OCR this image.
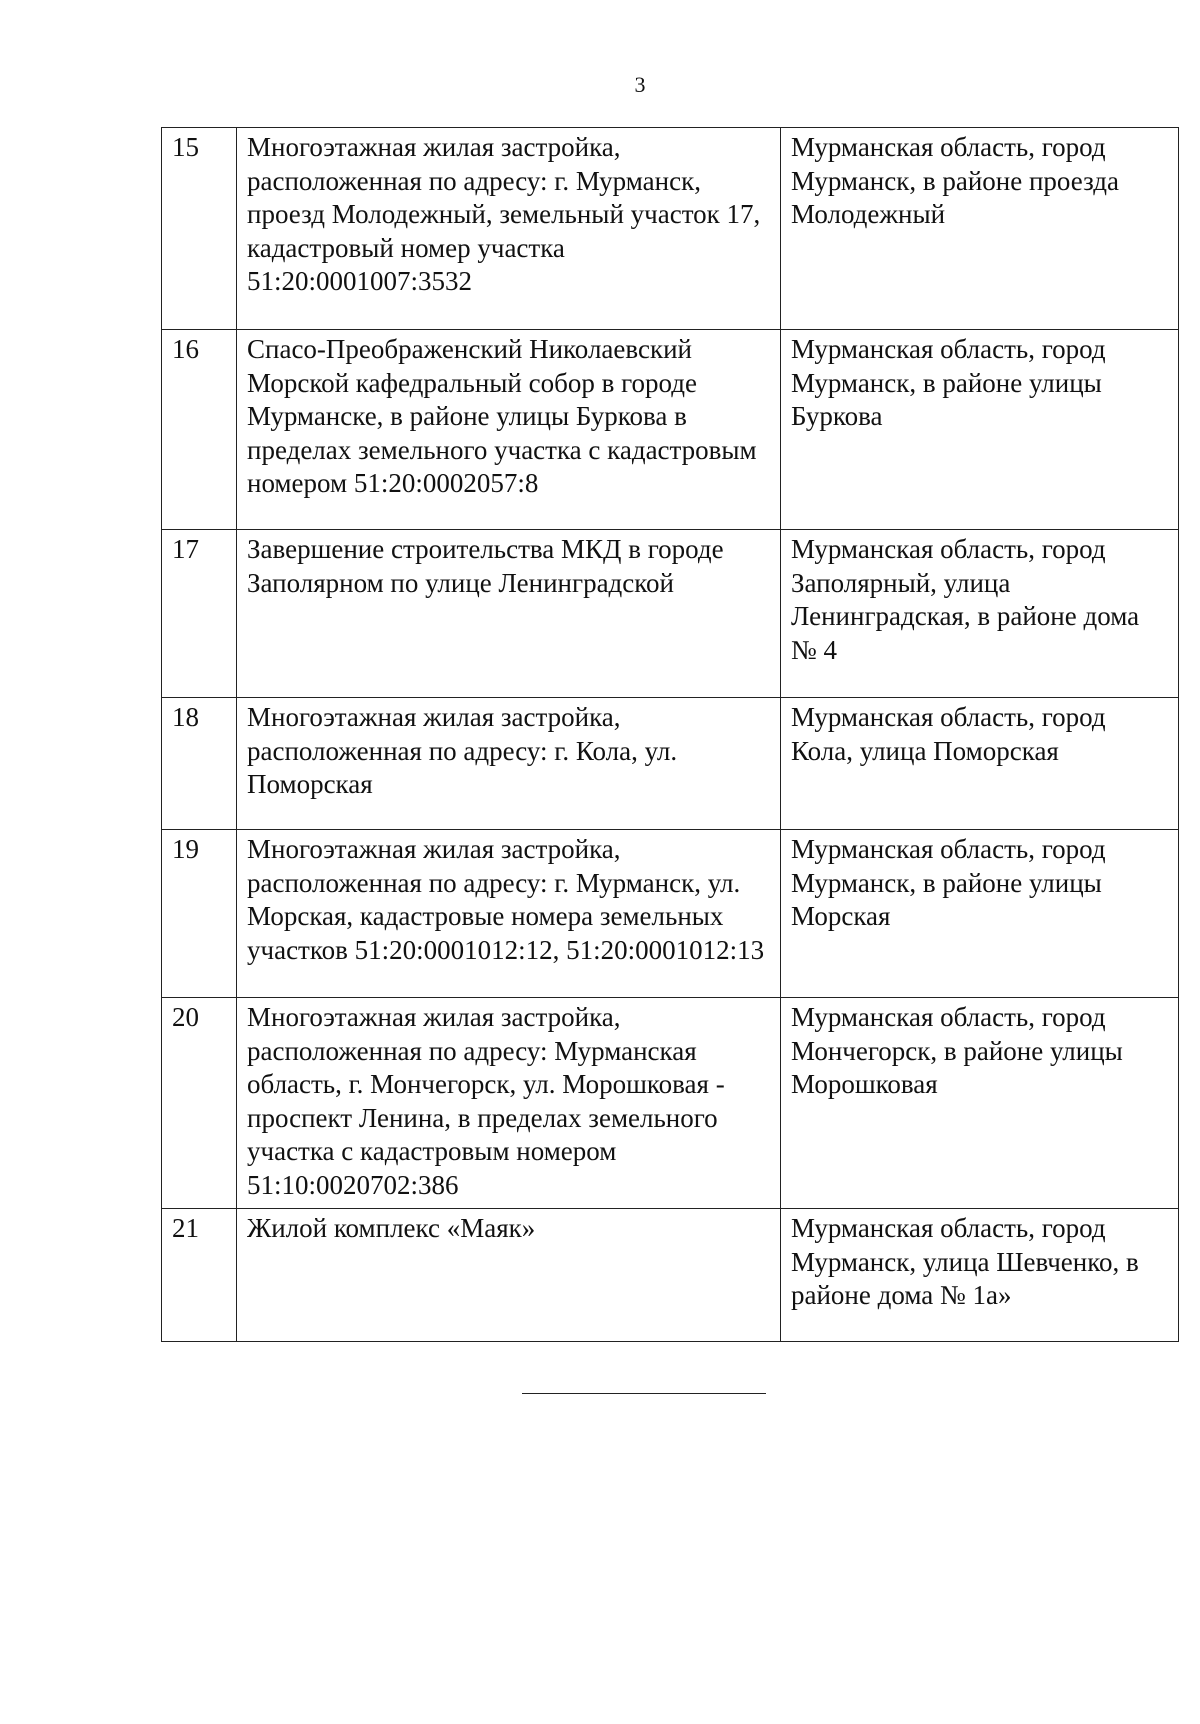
3
15	Многоэтажная жилая застройка, расположенная по адресу: г. Мурманск, проезд Молодежный, земельный участок 17, кадастровый номер участка 51:20:0001007:3532	Мурманская область, город Мурманск, в районе проезда Молодежный

16	Спасо-Преображенский Николаевский Морской кафедральный собор в городе Мурманске, в районе улицы Буркова в пределах земельного участка с кадастровым номером 51:20:0002057:8	Мурманская область, город Мурманск, в районе улицы Буркова

17	Завершение строительства МКД в городе Заполярном по улице Ленинградской	Мурманская область, город Заполярный, улица Ленинградская, в районе дома № 4

18	Многоэтажная жилая застройка, расположенная по адресу: г. Кола, ул. Поморская	Мурманская область, город Кола, улица Поморская

19	Многоэтажная жилая застройка, расположенная по адресу: г. Мурманск, ул. Морская, кадастровые номера земельных участков 51:20:0001012:12, 51:20:0001012:13	Мурманская область, город Мурманск, в районе улицы Морская

20	Многоэтажная жилая застройка, расположенная по адресу: Мурманская область, г. Мончегорск, ул. Морошковая - проспект Ленина, в пределах земельного участка с кадастровым номером 51:10:0020702:386	Мурманская область, город Мончегорск, в районе улицы Морошковая

21	Жилой комплекс «Маяк»	Мурманская область, город Мурманск, улица Шевченко, в районе дома № 1а»
